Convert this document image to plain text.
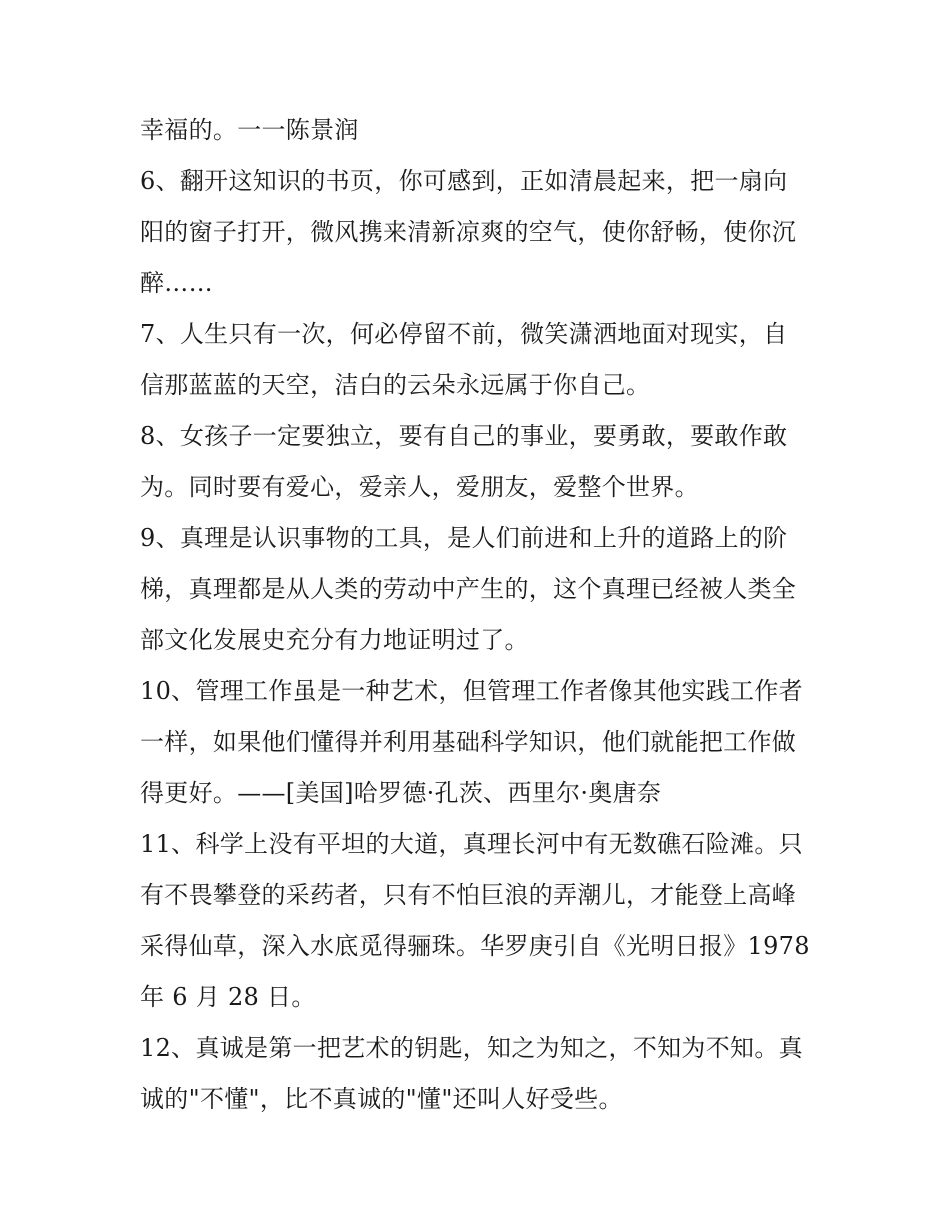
幸福的。一一陈景润
6、翻开这知识的书页，你可感到，正如清晨起来，把一扇向
阳的窗子打开，微风携来清新凉爽的空气，使你舒畅，使你沉
醉……
7、人生只有一次，何必停留不前，微笑潇洒地面对现实，自
信那蓝蓝的天空，洁白的云朵永远属于你自己。
8、女孩子一定要独立，要有自己的事业，要勇敢，要敢作敢
为。同时要有爱心，爱亲人，爱朋友，爱整个世界。
9、真理是认识事物的工具，是人们前进和上升的道路上的阶
梯，真理都是从人类的劳动中产生的，这个真理已经被人类全
部文化发展史充分有力地证明过了。
10、管理工作虽是一种艺术，但管理工作者像其他实践工作者
一样，如果他们懂得并利用基础科学知识，他们就能把工作做
得更好。——[美国]哈罗德·孔茨、西里尔·奥唐奈
11、科学上没有平坦的大道，真理长河中有无数礁石险滩。只
有不畏攀登的采药者，只有不怕巨浪的弄潮儿，才能登上高峰
采得仙草，深入水底觅得骊珠。华罗庚引自《光明日报》1978
年 6 月 28 日。
12、真诚是第一把艺术的钥匙，知之为知之，不知为不知。真
诚的"不懂"，比不真诚的"懂"还叫人好受些。
